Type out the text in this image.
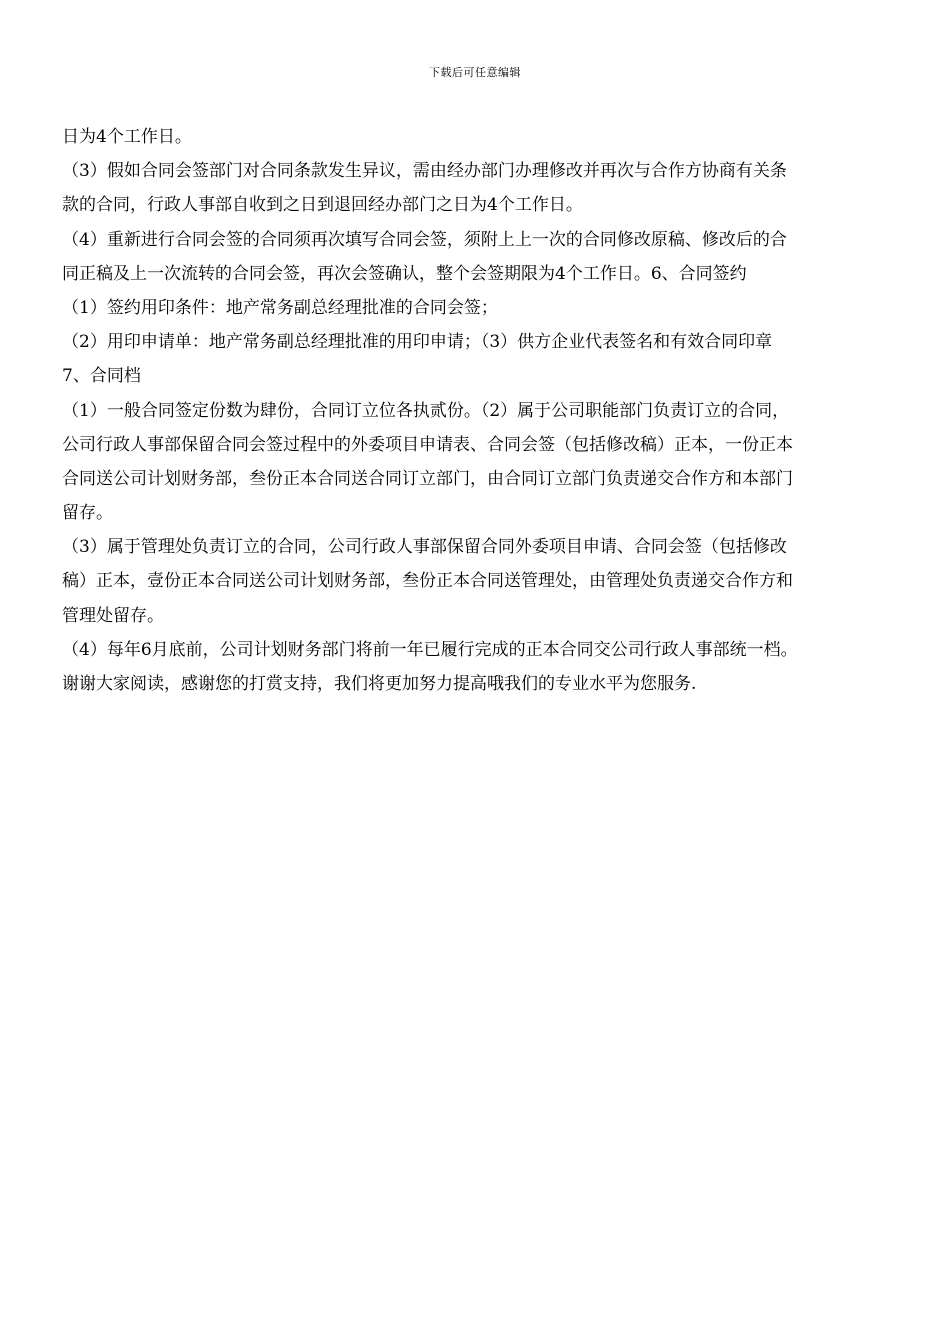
下载后可任意编辑
日为4个工作日。
（3）假如合同会签部门对合同条款发生异议，需由经办部门办理修改并再次与合作方协商有关条
款的合同，行政人事部自收到之日到退回经办部门之日为4个工作日。
（4）重新进行合同会签的合同须再次填写合同会签，须附上上一次的合同修改原稿、修改后的合
同正稿及上一次流转的合同会签，再次会签确认，整个会签期限为4个工作日。6、合同签约
（1）签约用印条件：地产常务副总经理批准的合同会签；
（2）用印申请单：地产常务副总经理批准的用印申请；（3）供方企业代表签名和有效合同印章
7、合同档
（1）一般合同签定份数为肆份，合同订立位各执贰份。（2）属于公司职能部门负责订立的合同，
公司行政人事部保留合同会签过程中的外委项目申请表、合同会签（包括修改稿）正本，一份正本
合同送公司计划财务部，叁份正本合同送合同订立部门，由合同订立部门负责递交合作方和本部门
留存。
（3）属于管理处负责订立的合同，公司行政人事部保留合同外委项目申请、合同会签（包括修改
稿）正本，壹份正本合同送公司计划财务部，叁份正本合同送管理处，由管理处负责递交合作方和
管理处留存。
（4）每年6月底前，公司计划财务部门将前一年已履行完成的正本合同交公司行政人事部统一档。
谢谢大家阅读，感谢您的打赏支持，我们将更加努力提高哦我们的专业水平为您服务.
